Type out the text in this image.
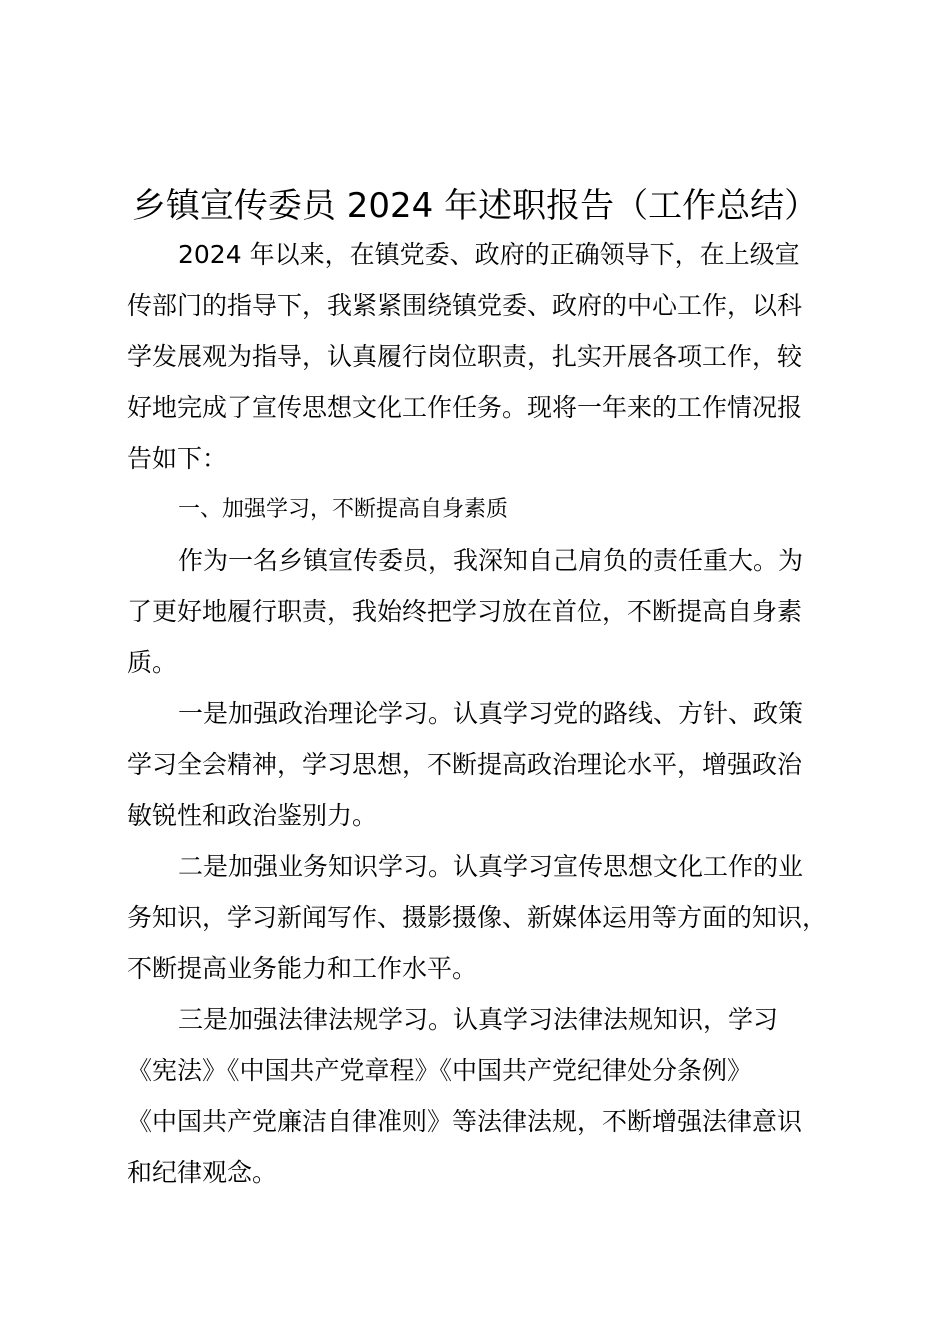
乡镇宣传委员 2024 年述职报告（工作总结）
2024 年以来，在镇党委、政府的正确领导下，在上级宣
传部门的指导下，我紧紧围绕镇党委、政府的中心工作，以科
学发展观为指导，认真履行岗位职责，扎实开展各项工作，较
好地完成了宣传思想文化工作任务。现将一年来的工作情况报
告如下：
一、加强学习，不断提高自身素质
作为一名乡镇宣传委员，我深知自己肩负的责任重大。为
了更好地履行职责，我始终把学习放在首位，不断提高自身素
质。
一是加强政治理论学习。认真学习党的路线、方针、政策
学习全会精神，学习思想，不断提高政治理论水平，增强政治
敏锐性和政治鉴别力。
二是加强业务知识学习。认真学习宣传思想文化工作的业
务知识，学习新闻写作、摄影摄像、新媒体运用等方面的知识，
不断提高业务能力和工作水平。
三是加强法律法规学习。认真学习法律法规知识，学习
《宪法》《中国共产党章程》《中国共产党纪律处分条例》
《中国共产党廉洁自律准则》等法律法规，不断增强法律意识
和纪律观念。
